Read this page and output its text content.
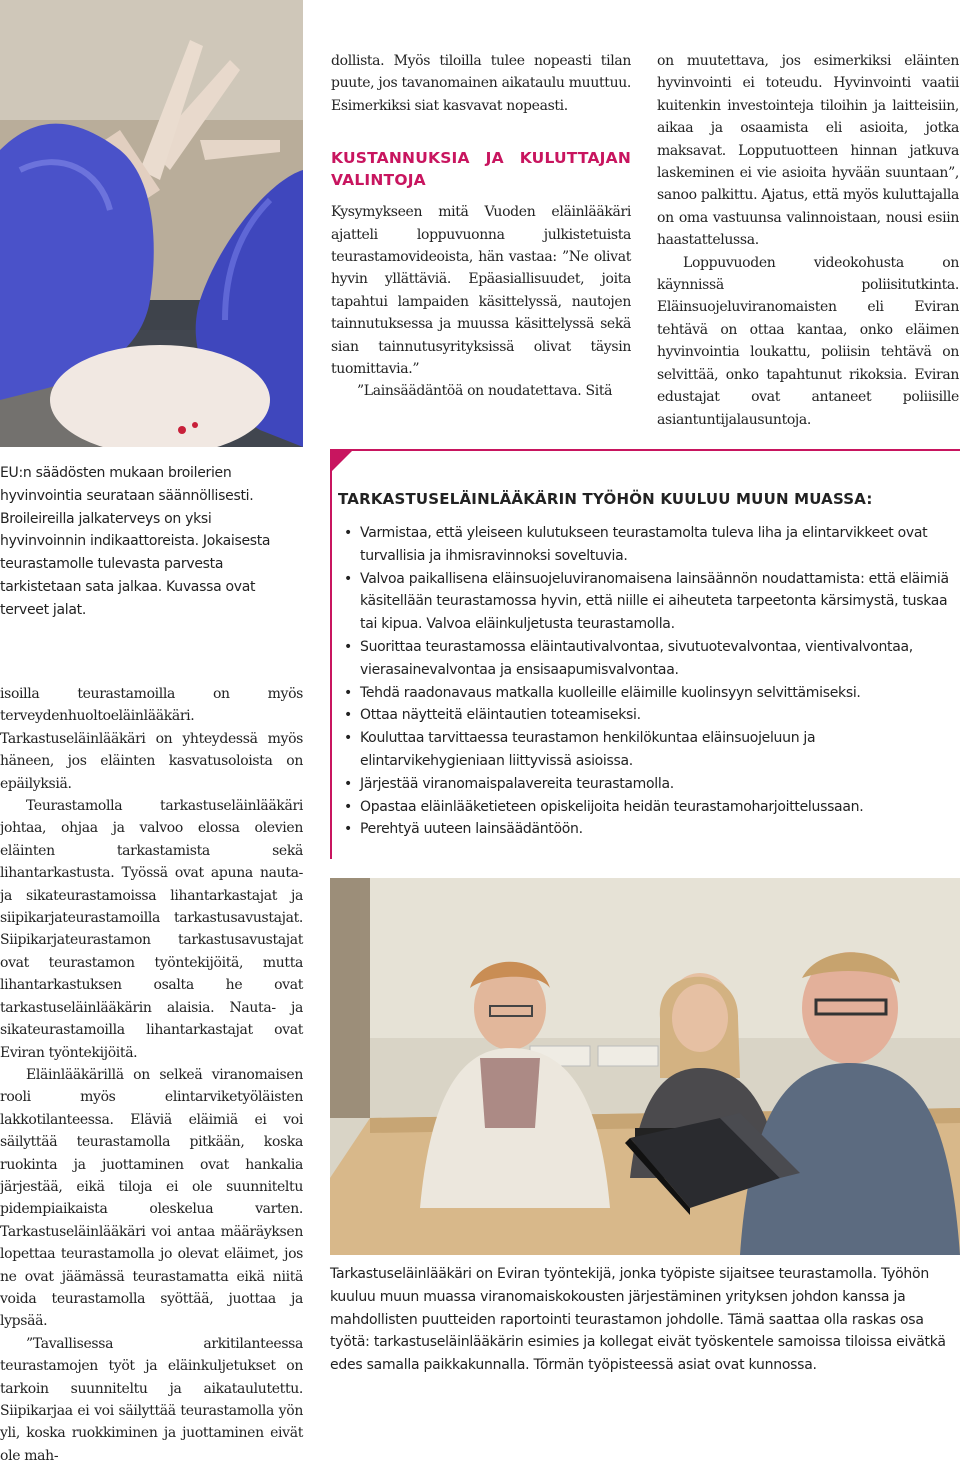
dollista. Myös tiloilla tulee nopeasti tilan puute, jos tavanomainen aikataulu muuttuu. Esimerkiksi siat kasvavat nopeasti.

KUSTANNUKSIA JA KULUTTAJAN VALINTOJA

Kysymykseen mitä Vuoden eläinlääkäri ajatteli loppuvuonna julkistetuista teurastamovideoista, hän vastaa: ”Ne olivat hyvin yllättäviä. Epäasiallisuudet, joita tapahtui lampaiden käsittelyssä, nautojen tainnutuksessa ja muussa käsittelyssä sekä sian tainnutusyrityksissä olivat täysin tuomittavia.”

”Lainsäädäntöä on noudatettava. Sitä

on muutettava, jos esimerkiksi eläinten hyvinvointi ei toteudu. Hyvinvointi vaatii kuitenkin investointeja tiloihin ja laitteisiin, aikaa ja osaamista eli asioita, jotka maksavat. Lopputuotteen hinnan jatkuva laskeminen ei vie asioita hyvään suuntaan”, sanoo palkittu. Ajatus, että myös kuluttajalla on oma vastuunsa valinnoistaan, nousi esiin haastattelussa.

Loppuvuoden videokohusta on käynnissä poliisitutkinta. Eläinsuojeluviranomaisten eli Eviran tehtävä on ottaa kantaa, onko eläimen hyvinvointia loukattu, poliisin tehtävä on selvittää, onko tapahtunut rikoksia. Eviran edustajat ovat antaneet poliisille asiantuntijalausuntoja.

EU:n säädösten mukaan broilerien hyvinvointia seurataan säännöllisesti. Broileireilla jalkaterveys on yksi hyvinvoinnin indikaattoreista. Jokaisesta teurastamolle tulevasta parvesta tarkistetaan sata jalkaa. Kuvassa ovat terveet jalat.

isoilla teurastamoilla on myös terveydenhuoltoeläinlääkäri. Tarkastuseläinlääkäri on yhteydessä myös häneen, jos eläinten kasvatusoloista on epäilyksiä.

Teurastamolla tarkastuseläinlääkäri johtaa, ohjaa ja valvoo elossa olevien eläinten tarkastamista sekä lihantarkastusta. Työssä ovat apuna nauta- ja sikateurastamoissa lihantarkastajat ja siipikarjateurastamoilla tarkastusavustajat. Siipikarjateurastamon tarkastusavustajat ovat teurastamon työntekijöitä, mutta lihantarkastuksen osalta he ovat tarkastuseläinlääkärin alaisia. Nauta- ja sikateurastamoilla lihantarkastajat ovat Eviran työntekijöitä.

Eläinlääkärillä on selkeä viranomaisen rooli myös elintarviketyöläisten lakkotilanteessa. Eläviä eläimiä ei voi säilyttää teurastamolla pitkään, koska ruokinta ja juottaminen ovat hankalia järjestää, eikä tiloja ei ole suunniteltu pidempiaikaista oleskelua varten. Tarkastuseläinlääkäri voi antaa määräyksen lopettaa teurastamolla jo olevat eläimet, jos ne ovat jäämässä teurastamatta eikä niitä voida teurastamolla syöttää, juottaa ja lypsää.

”Tavallisessa arkitilanteessa teurastamojen työt ja eläinkuljetukset on tarkoin suunniteltu ja aikataulutettu. Siipikarjaa ei voi säilyttää teurastamolla yön yli, koska ruokkiminen ja juottaminen eivät ole mah-

TARKASTUSELÄINLÄÄKÄRIN TYÖHÖN KUULUU MUUN MUASSA:
• Varmistaa, että yleiseen kulutukseen teurastamolta tuleva liha ja elintarvikkeet ovat turvallisia ja ihmisravinnoksi soveltuvia.
• Valvoa paikallisena eläinsuojeluviranomaisena lainsäännön noudattamista: että eläimiä käsitellään teurastamossa hyvin, että niille ei aiheuteta tarpeetonta kärsimystä, tuskaa tai kipua. Valvoa eläinkuljetusta teurastamolla.
• Suorittaa teurastamossa eläintautivalvontaa, sivutuotevalvontaa, vientivalvontaa, vierasainevalvontaa ja ensisaapumisvalvontaa.
• Tehdä raadonavaus matkalla kuolleille eläimille kuolinsyyn selvittämiseksi.
• Ottaa näytteitä eläintautien toteamiseksi.
• Kouluttaa tarvittaessa teurastamon henkilökuntaa eläinsuojeluun ja elintarvikehygieniaan liittyvissä asioissa.
• Järjestää viranomaispalavereita teurastamolla.
• Opastaa eläinlääketieteen opiskelijoita heidän teurastamoharjoittelussaan.
• Perehtyä uuteen lainsäädäntöön.
Tarkastuseläinlääkäri on Eviran työntekijä, jonka työpiste sijaitsee teurastamolla. Työhön kuuluu muun muassa viranomaiskokousten järjestäminen yrityksen johdon kanssa ja mahdollisten puutteiden raportointi teurastamon johdolle. Tämä saattaa olla raskas osa työtä: tarkastuseläinlääkärin esimies ja kollegat eivät työskentele samoissa tiloissa eivätkä edes samalla paikkakunnalla. Törmän työpisteessä asiat ovat kunnossa.
